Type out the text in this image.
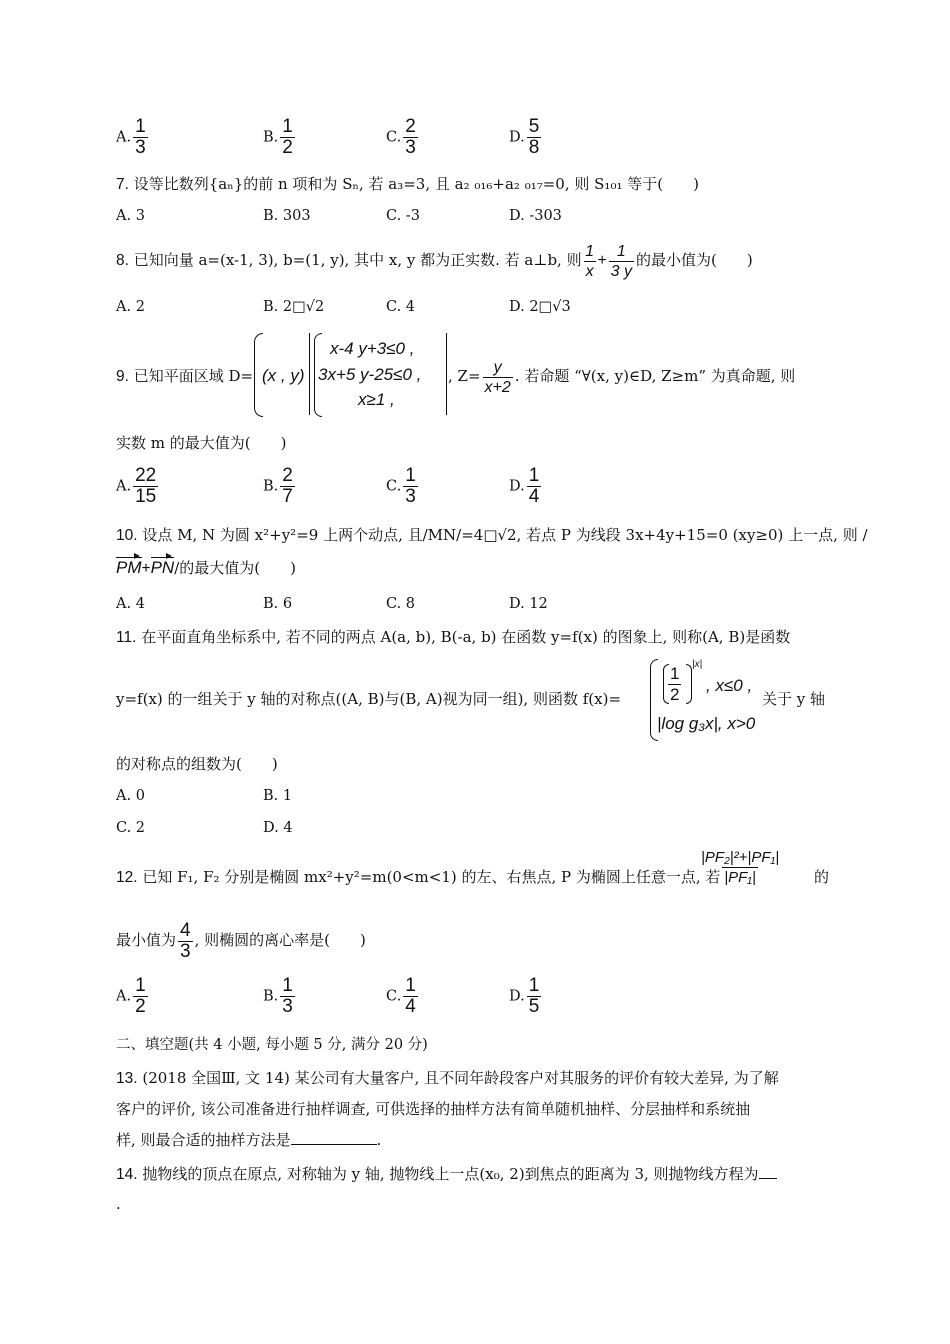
A. $\frac{1}{3}$	B. $\frac{1}{2}$	C. $\frac{2}{3}$	D. $\frac{5}{8}$
7. 设等比数列{aₙ}的前 n 项和为 Sₙ, 若 a₃=3, 且 a₂ ₀₁₆+a₂ ₀₁₇=0, 则 S₁₀₁ 等于(　　)
A. 3	B. 303	C. -3	D. -303
8. 已知向量 a=(x-1, 3), b=(1, y), 其中 x, y 都为正实数. 若 a⊥b, 则 $\frac{1}{x} + \frac{1}{3 y}$ 的最小值为(　　)
A. 2	B. 2□√2	C. 4	D. 2□√3
9. 已知平面区域 D= (x , y)
x-4 y+3≤0 ,
3x+5 y-25≤0 ,
x≥1 ,
, $Z= \frac{y}{x+2}$ . 若命题 “∀(x, y)∈D, Z≥m” 为真命题, 则
实数 m 的最大值为(　　)
A. $\frac{22}{15}$	B. $\frac{2}{7}$	C. $\frac{1}{3}$	D. $\frac{1}{4}$
10. 设点 M, N 为圆 x²+y²=9 上两个动点, 且/MN/=4□√2, 若点 P 为线段 3x+4y+15=0 (xy≥0) 上一点, 则 /
PM+PN/的最大值为(　　)
A. 4	B. 6	C. 8	D. 12
11. 在平面直角坐标系中, 若不同的两点 A(a, b), B(-a, b) 在函数 y=f(x) 的图象上, 则称(A, B)是函数
y=f(x) 的一组关于 y 轴的对称点((A, B)与(B, A)视为同一组), 则函数 f(x)=	$\frac{1}{2} |x|$
, x≤0 ,
|log g₃x|, x>0
关于 y 轴
的对称点的组数为(　　)
A. 0	B. 1
C. 2	D. 4
12. 已知 F₁, F₂ 分别是椭圆 mx²+y²=m(0<m<1) 的左、右焦点, P 为椭圆上任意一点, 若
|PF₂|²+|PF₁|
|PF₁|	的
最小值为 $\frac{4}{3}$ , 则椭圆的离心率是(　　)
A. $\frac{1}{2}$	B. $\frac{1}{3}$	C. $\frac{1}{4}$	D. $\frac{1}{5}$
二、填空题(共 4 小题, 每小题 5 分, 满分 20 分)
13. (2018 全国Ⅲ, 文 14) 某公司有大量客户, 且不同年龄段客户对其服务的评价有较大差异, 为了解
客户的评价, 该公司准备进行抽样调查, 可供选择的抽样方法有简单随机抽样、分层抽样和系统抽
样, 则最合适的抽样方法是	.
14. 抛物线的顶点在原点, 对称轴为 y 轴, 抛物线上一点(x₀, 2)到焦点的距离为 3, 则抛物线方程为
.
